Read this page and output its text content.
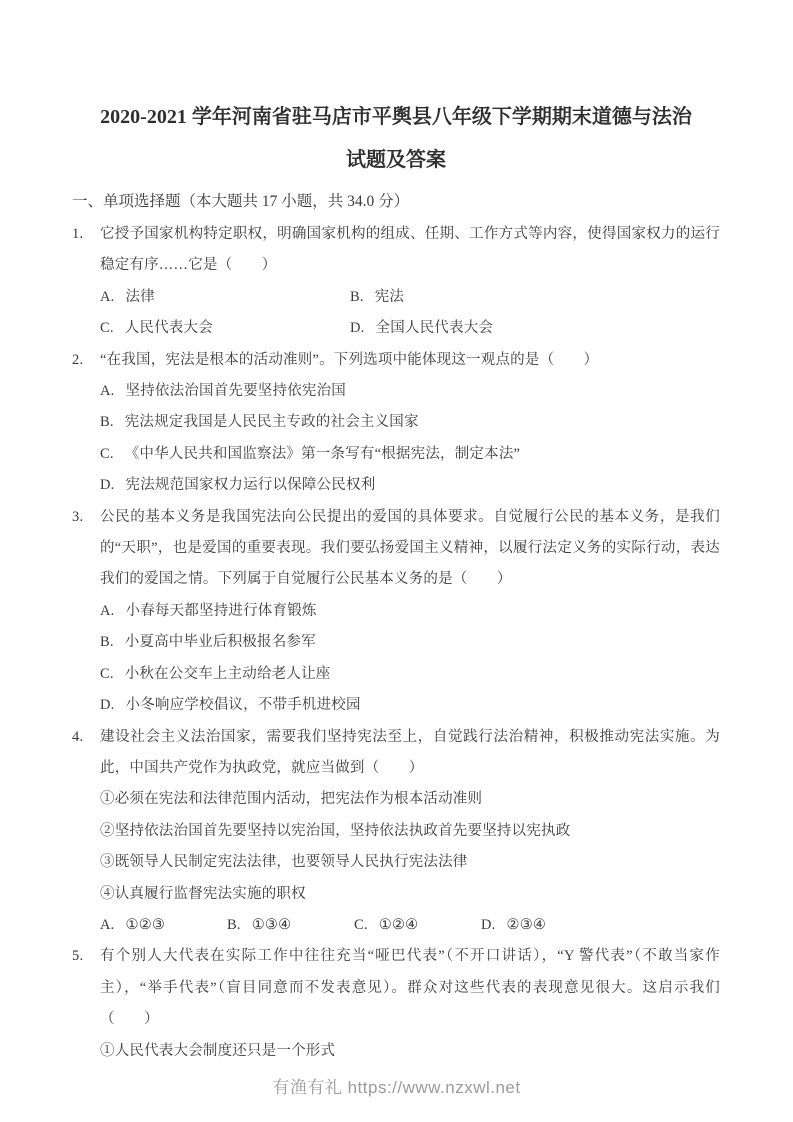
2020-2021 学年河南省驻马店市平舆县八年级下学期期末道德与法治
试题及答案
一、单项选择题（本大题共 17 小题，共 34.0 分）
1.	它授予国家机构特定职权，明确国家机构的组成、任期、工作方式等内容，使得国家权力的运行稳定有序……它是（　　）
A. 法律	B. 宪法
C. 人民代表大会	D. 全国人民代表大会
2.	“在我国，宪法是根本的活动准则”。下列选项中能体现这一观点的是（　　）
A. 坚持依法治国首先要坚持依宪治国
B. 宪法规定我国是人民民主专政的社会主义国家
C. 《中华人民共和国监察法》第一条写有“根据宪法，制定本法”
D. 宪法规范国家权力运行以保障公民权利
3.	公民的基本义务是我国宪法向公民提出的爱国的具体要求。自觉履行公民的基本义务，是我们的“天职”，也是爱国的重要表现。我们要弘扬爱国主义精神，以履行法定义务的实际行动，表达我们的爱国之情。下列属于自觉履行公民基本义务的是（　　）
A. 小春每天都坚持进行体育锻炼
B. 小夏高中毕业后积极报名参军
C. 小秋在公交车上主动给老人让座
D. 小冬响应学校倡议，不带手机进校园
4.	建设社会主义法治国家，需要我们坚持宪法至上，自觉践行法治精神，积极推动宪法实施。为此，中国共产党作为执政党，就应当做到（　　）
①必须在宪法和法律范围内活动，把宪法作为根本活动准则
②坚持依法治国首先要坚持以宪治国，坚持依法执政首先要坚持以宪执政
③既领导人民制定宪法法律，也要领导人民执行宪法法律
④认真履行监督宪法实施的职权
A. ①②③	B. ①③④	C. ①②④	D. ②③④
5.	有个别人大代表在实际工作中往往充当“哑巴代表”（不开口讲话），“Y 警代表”（不敢当家作主），“举手代表”（盲目同意而不发表意见）。群众对这些代表的表现意见很大。这启示我们（　　）
①人民代表大会制度还只是一个形式
有渔有礼 https://www.nzxwl.net
